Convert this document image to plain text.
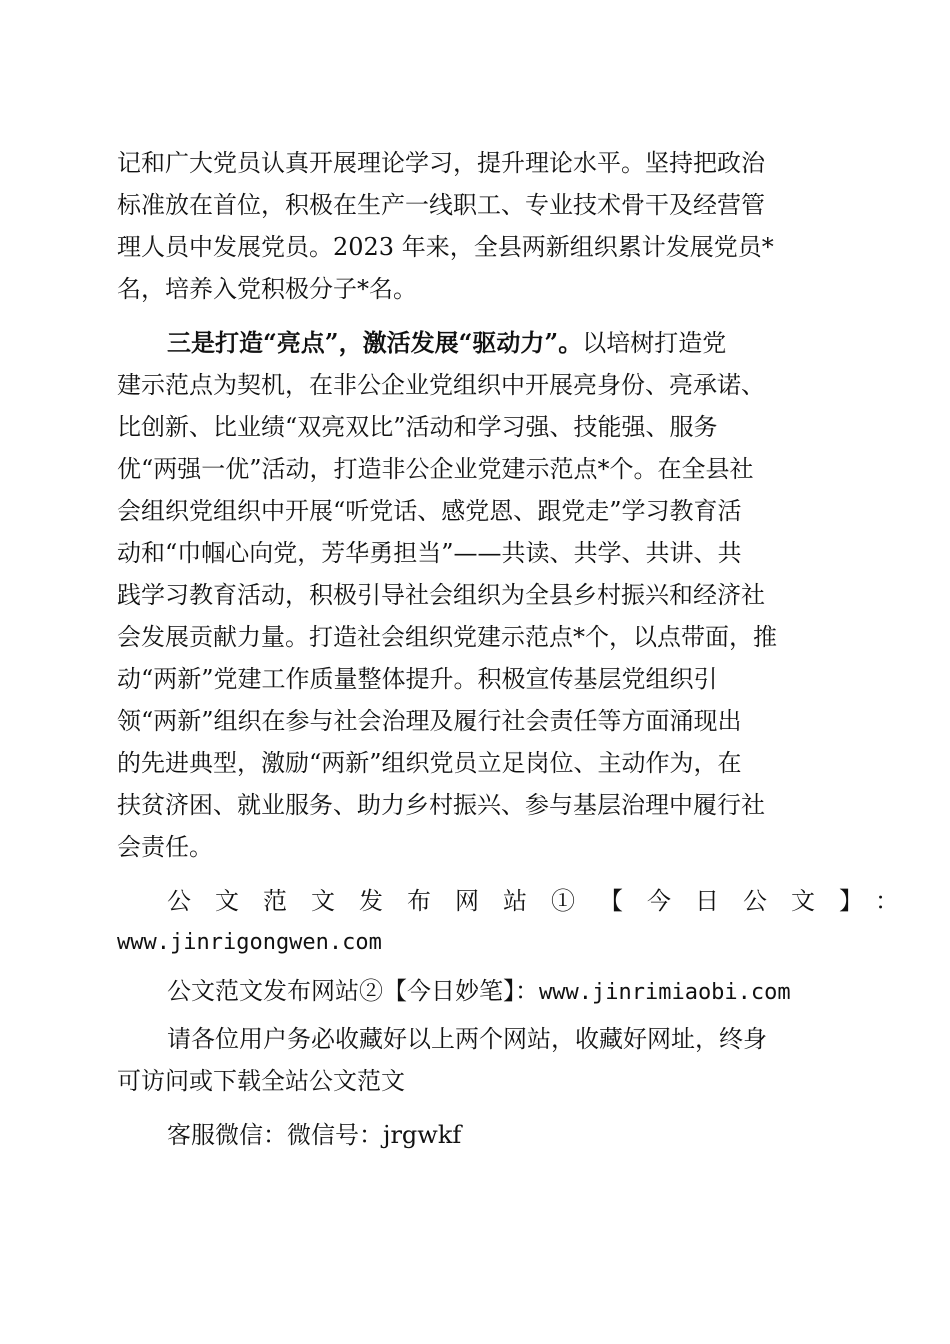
记和广大党员认真开展理论学习，提升理论水平。坚持把政治
标准放在首位，积极在生产一线职工、专业技术骨干及经营管
理人员中发展党员。2023 年来，全县两新组织累计发展党员*
名，培养入党积极分子*名。

三是打造“亮点”，激活发展“驱动力”。以培树打造党
建示范点为契机，在非公企业党组织中开展亮身份、亮承诺、
比创新、比业绩“双亮双比”活动和学习强、技能强、服务
优“两强一优”活动，打造非公企业党建示范点*个。在全县社
会组织党组织中开展“听党话、感党恩、跟党走”学习教育活
动和“巾帼心向党，芳华勇担当”——共读、共学、共讲、共
践学习教育活动，积极引导社会组织为全县乡村振兴和经济社
会发展贡献力量。打造社会组织党建示范点*个，以点带面，推
动“两新”党建工作质量整体提升。积极宣传基层党组织引
领“两新”组织在参与社会治理及履行社会责任等方面涌现出
的先进典型，激励“两新”组织党员立足岗位、主动作为，在
扶贫济困、就业服务、助力乡村振兴、参与基层治理中履行社
会责任。

公文范文发布网站①【今日公文】：
www.jinrigongwen.com
公文范文发布网站②【今日妙笔】：www.jinrimiaobi.com
请各位用户务必收藏好以上两个网站，收藏好网址，终身
可访问或下载全站公文范文
客服微信：微信号：jrgwkf
